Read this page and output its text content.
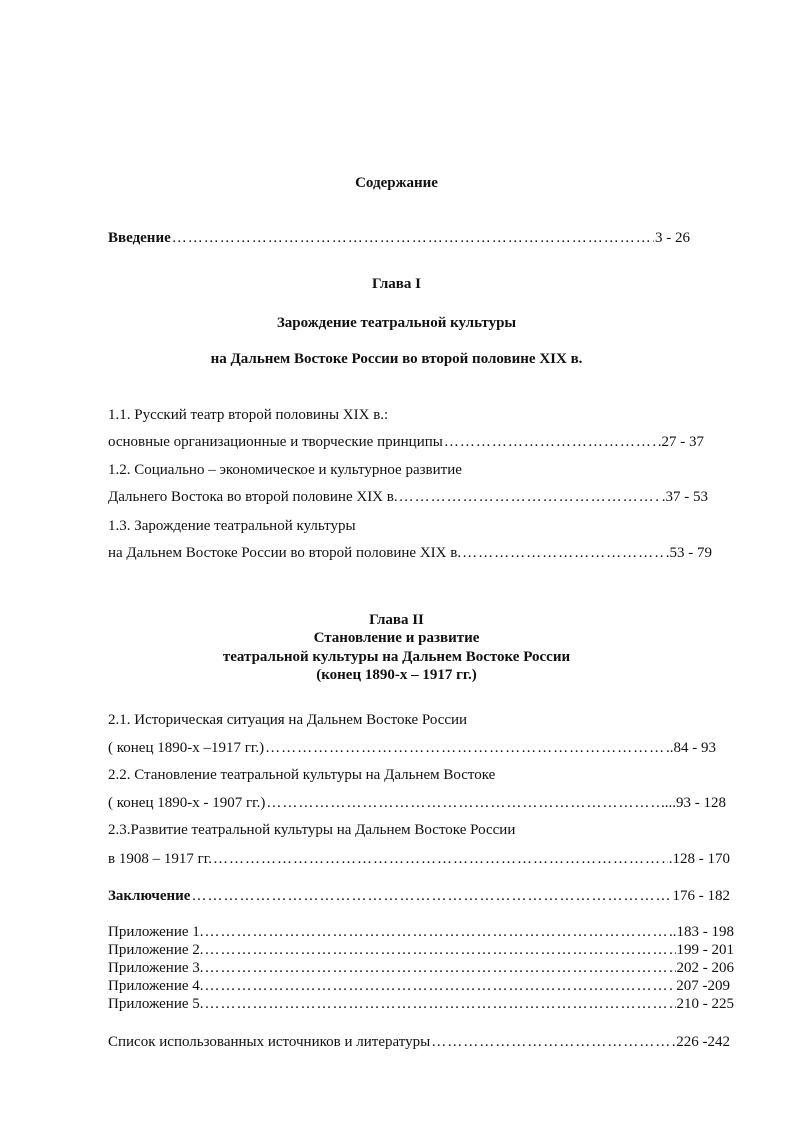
Содержание
Введение ………………………………………………………………………………………………………………………………………………………………………………………………………………………………	3 - 26
Глава I
Зарождение театральной культуры
на Дальнем Востоке России во второй половине XIX в.
1.1. Русский театр второй половины XIX в.:
основные организационные и творческие принципы ………………………………………………………………………………………………………………………………………………………………………………………………………………………………	.27 - 37
1.2. Социально – экономическое и культурное развитие
Дальнего Востока во второй половине XIX в. ………………………………………………………………………………………………………………………………………………………………………………………………………………………………	.37 - 53
1.3. Зарождение театральной культуры
на Дальнем Востоке России во второй половине XIX в. ………………………………………………………………………………………………………………………………………………………………………………………………………………………………	.53 - 79
Глава II
Становление и развитие
театральной культуры на Дальнем Востоке России
(конец 1890-х – 1917 гг.)
2.1. Историческая ситуация на Дальнем Востоке России
( конец 1890-х –1917 гг.) ………………………………………………………………………………………………………………………………………………………………………………………………………………………………	..84 - 93
2.2. Становление театральной культуры на Дальнем Востоке
( конец 1890-х - 1907 гг.) ………………………………………………………………………………………………………………………………………………………………………………………………………………………………	...93 - 128
2.3.Развитие театральной культуры на Дальнем Востоке России
в 1908 – 1917 гг. ………………………………………………………………………………………………………………………………………………………………………………………………………………………………	.128 - 170
Заключение ………………………………………………………………………………………………………………………………………………………………………………………………………………………………	176 - 182
Приложение 1. ………………………………………………………………………………………………………………………………………………………………………………………………………………………………	..183 - 198
Приложение 2. ………………………………………………………………………………………………………………………………………………………………………………………………………………………………	199 - 201
Приложение 3. ………………………………………………………………………………………………………………………………………………………………………………………………………………………………	202 - 206
Приложение 4. ………………………………………………………………………………………………………………………………………………………………………………………………………………………………	207 -209
Приложение 5. ………………………………………………………………………………………………………………………………………………………………………………………………………………………………	210 - 225
Список использованных источников и литературы ………………………………………………………………………………………………………………………………………………………………………………………………………………………………	226 -242
